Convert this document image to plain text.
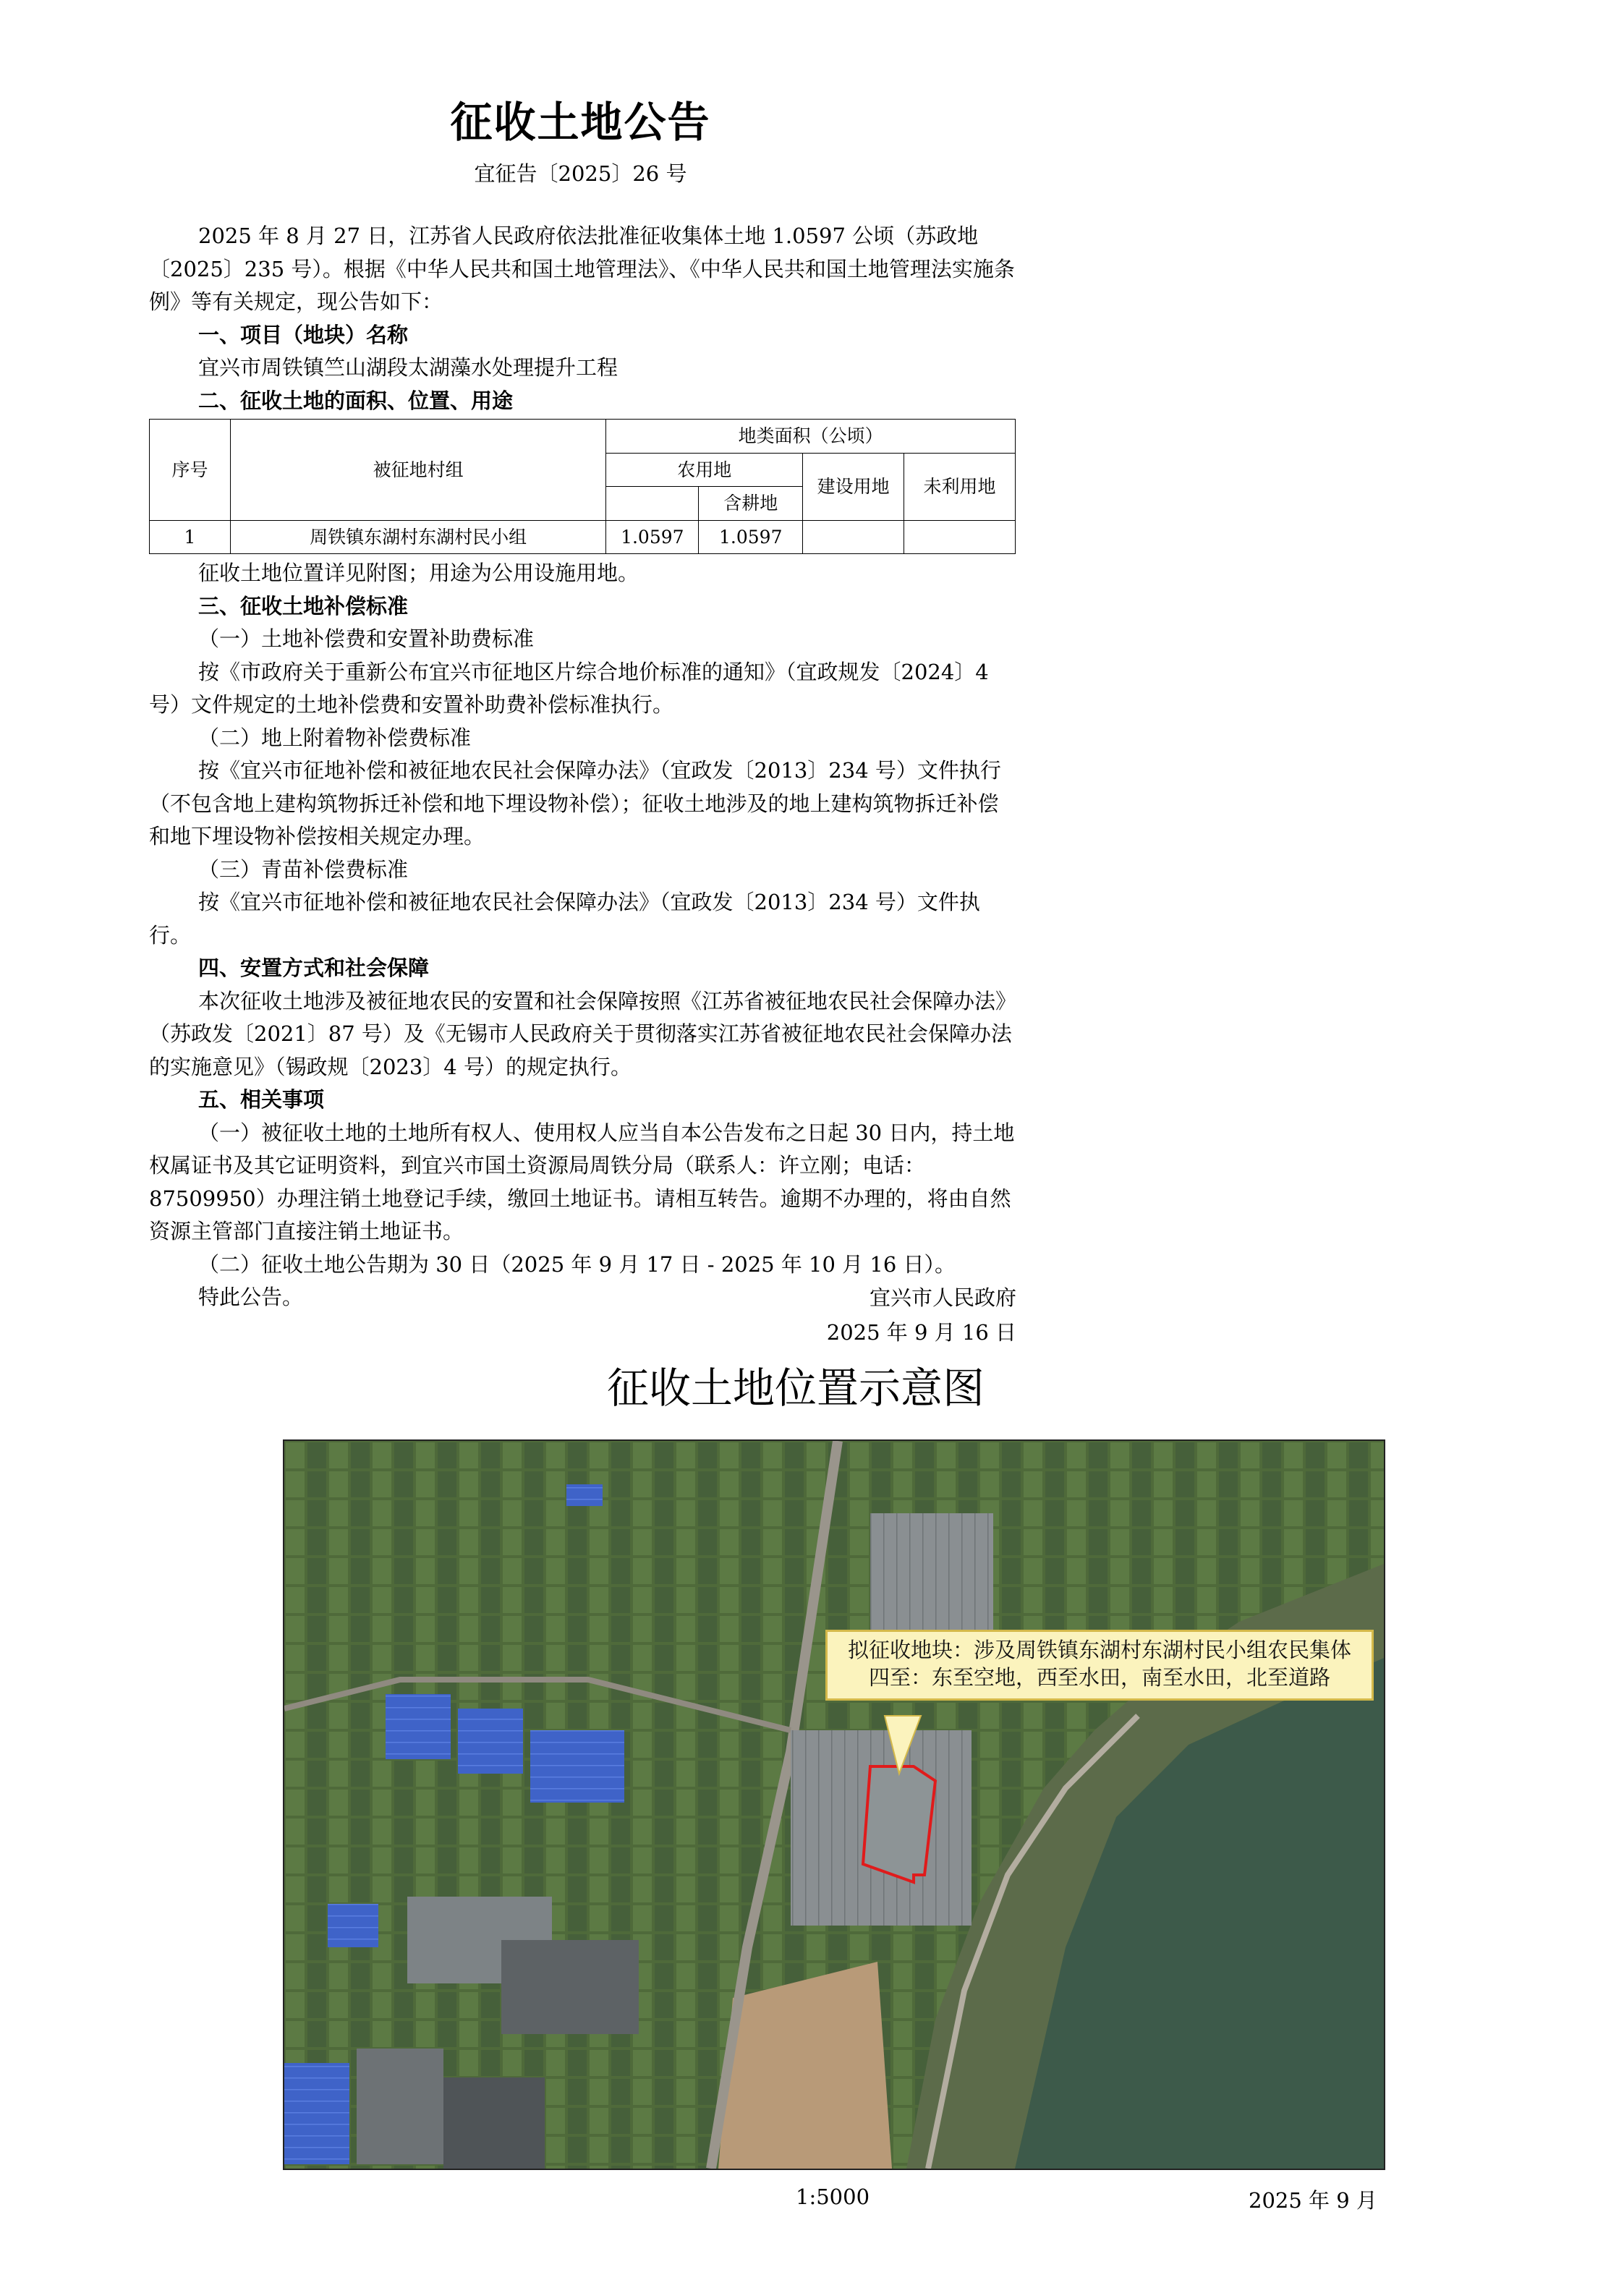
征收土地公告
宜征告〔2025〕26 号

2025 年 8 月 27 日，江苏省人民政府依法批准征收集体土地 1.0597 公顷（苏政地〔2025〕235 号）。根据《中华人民共和国土地管理法》、《中华人民共和国土地管理法实施条例》等有关规定，现公告如下：

一、项目（地块）名称

宜兴市周铁镇竺山湖段太湖藻水处理提升工程

二、征收土地的面积、位置、用途

序号	被征地村组	地类面积（公顷）			
		农用地		建设用地	未利用地
			含耕地		
1	周铁镇东湖村东湖村民小组	1.0597	1.0597		

征收土地位置详见附图；用途为公用设施用地。

三、征收土地补偿标准

（一）土地补偿费和安置补助费标准

按《市政府关于重新公布宜兴市征地区片综合地价标准的通知》（宜政规发〔2024〕4 号）文件规定的土地补偿费和安置补助费补偿标准执行。

（二）地上附着物补偿费标准

按《宜兴市征地补偿和被征地农民社会保障办法》（宜政发〔2013〕234 号）文件执行（不包含地上建构筑物拆迁补偿和地下埋设物补偿）；征收土地涉及的地上建构筑物拆迁补偿和地下埋设物补偿按相关规定办理。

（三）青苗补偿费标准

按《宜兴市征地补偿和被征地农民社会保障办法》（宜政发〔2013〕234 号）文件执行。

四、安置方式和社会保障

本次征收土地涉及被征地农民的安置和社会保障按照《江苏省被征地农民社会保障办法》（苏政发〔2021〕87 号）及《无锡市人民政府关于贯彻落实江苏省被征地农民社会保障办法的实施意见》（锡政规〔2023〕4 号）的规定执行。

五、相关事项

（一）被征收土地的土地所有权人、使用权人应当自本公告发布之日起 30 日内，持土地权属证书及其它证明资料，到宜兴市国土资源局周铁分局（联系人：许立刚；电话：87509950）办理注销土地登记手续，缴回土地证书。请相互转告。逾期不办理的，将由自然资源主管部门直接注销土地证书。

（二）征收土地公告期为 30 日（2025 年 9 月 17 日 - 2025 年 10 月 16 日）。

特此公告。	宜兴市人民政府
2025 年 9 月 16 日
征收土地位置示意图

拟征收地块：涉及周铁镇东湖村东湖村民小组农民集体

四至：东至空地，西至水田，南至水田，北至道路

1:5000	2025 年 9 月
